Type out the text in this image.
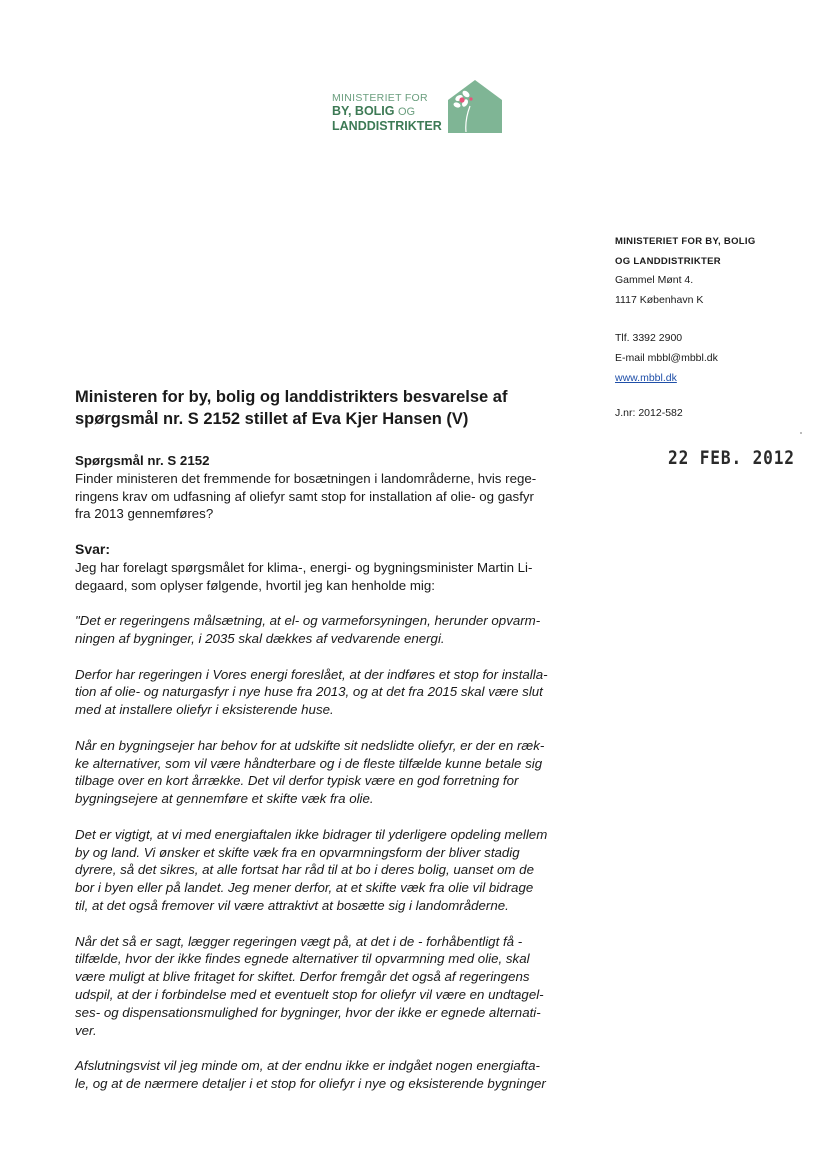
MINISTERIET FOR
BY, BOLIG OG
LANDDISTRIKTER
MINISTERIET FOR BY, BOLIG
OG LANDDISTRIKTER
Gammel Mønt 4.
1117 København K
Tlf. 3392 2900
E-mail mbbl@mbbl.dk
www.mbbl.dk
J.nr: 2012-582
22 FEB. 2012
Ministeren for by, bolig og landdistrikters besvarelse af
spørgsmål nr. S 2152 stillet af Eva Kjer Hansen (V)

Spørgsmål nr. S 2152

Finder ministeren det fremmende for bosætningen i landområderne, hvis rege-

ringens krav om udfasning af oliefyr samt stop for installation af olie- og gasfyr

fra 2013 gennemføres?

Svar:

Jeg har forelagt spørgsmålet for klima-, energi- og bygningsminister Martin Li-

degaard, som oplyser følgende, hvortil jeg kan henholde mig:

"Det er regeringens målsætning, at el- og varmeforsyningen, herunder opvarm-

ningen af bygninger, i 2035 skal dækkes af vedvarende energi.

Derfor har regeringen i Vores energi foreslået, at der indføres et stop for installa-

tion af olie- og naturgasfyr i nye huse fra 2013, og at det fra 2015 skal være slut

med at installere oliefyr i eksisterende huse.

Når en bygningsejer har behov for at udskifte sit nedslidte oliefyr, er der en ræk-

ke alternativer, som vil være håndterbare og i de fleste tilfælde kunne betale sig

tilbage over en kort årrække. Det vil derfor typisk være en god forretning for

bygningsejere at gennemføre et skifte væk fra olie.

Det er vigtigt, at vi med energiaftalen ikke bidrager til yderligere opdeling mellem

by og land. Vi ønsker et skifte væk fra en opvarmningsform der bliver stadig

dyrere, så det sikres, at alle fortsat har råd til at bo i deres bolig, uanset om de

bor i byen eller på landet. Jeg mener derfor, at et skifte væk fra olie vil bidrage

til, at det også fremover vil være attraktivt at bosætte sig i landområderne.

Når det så er sagt, lægger regeringen vægt på, at det i de - forhåbentligt få -

tilfælde, hvor der ikke findes egnede alternativer til opvarmning med olie, skal

være muligt at blive fritaget for skiftet. Derfor fremgår det også af regeringens

udspil, at der i forbindelse med et eventuelt stop for oliefyr vil være en undtagel-

ses- og dispensationsmulighed for bygninger, hvor der ikke er egnede alternati-

ver.

Afslutningsvist vil jeg minde om, at der endnu ikke er indgået nogen energiafta-

le, og at de nærmere detaljer i et stop for oliefyr i nye og eksisterende bygninger
